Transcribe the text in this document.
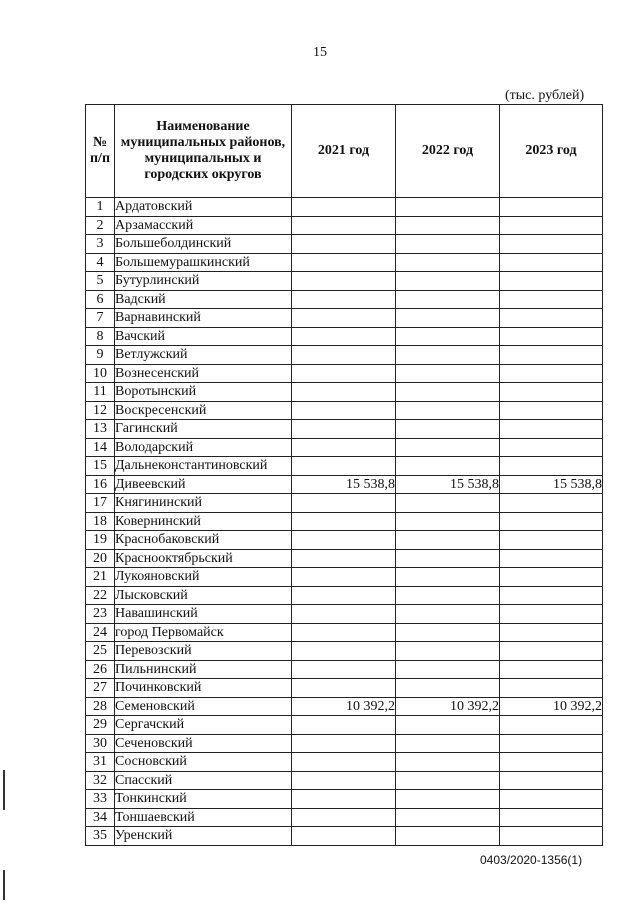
15
(тыс. рублей)
№ п/п	Наименование муниципальных районов, муниципальных и городских округов	2021 год	2022 год	2023 год
1	Ардатовский			
2	Арзамасский			
3	Большеболдинский			
4	Большемурашкинский			
5	Бутурлинский			
6	Вадский			
7	Варнавинский			
8	Вачский			
9	Ветлужский			
10	Вознесенский			
11	Воротынский			
12	Воскресенский			
13	Гагинский			
14	Володарский			
15	Дальнеконстантиновский			
16	Дивеевский	15 538,8	15 538,8	15 538,8
17	Княгининский			
18	Ковернинский			
19	Краснобаковский			
20	Краснооктябрьский			
21	Лукояновский			
22	Лысковский			
23	Навашинский			
24	город Первомайск			
25	Перевозский			
26	Пильнинский			
27	Починковский			
28	Семеновский	10 392,2	10 392,2	10 392,2
29	Сергачский			
30	Сеченовский			
31	Сосновский			
32	Спасский			
33	Тонкинский			
34	Тоншаевский			
35	Уренский			
0403/2020-1356(1)
